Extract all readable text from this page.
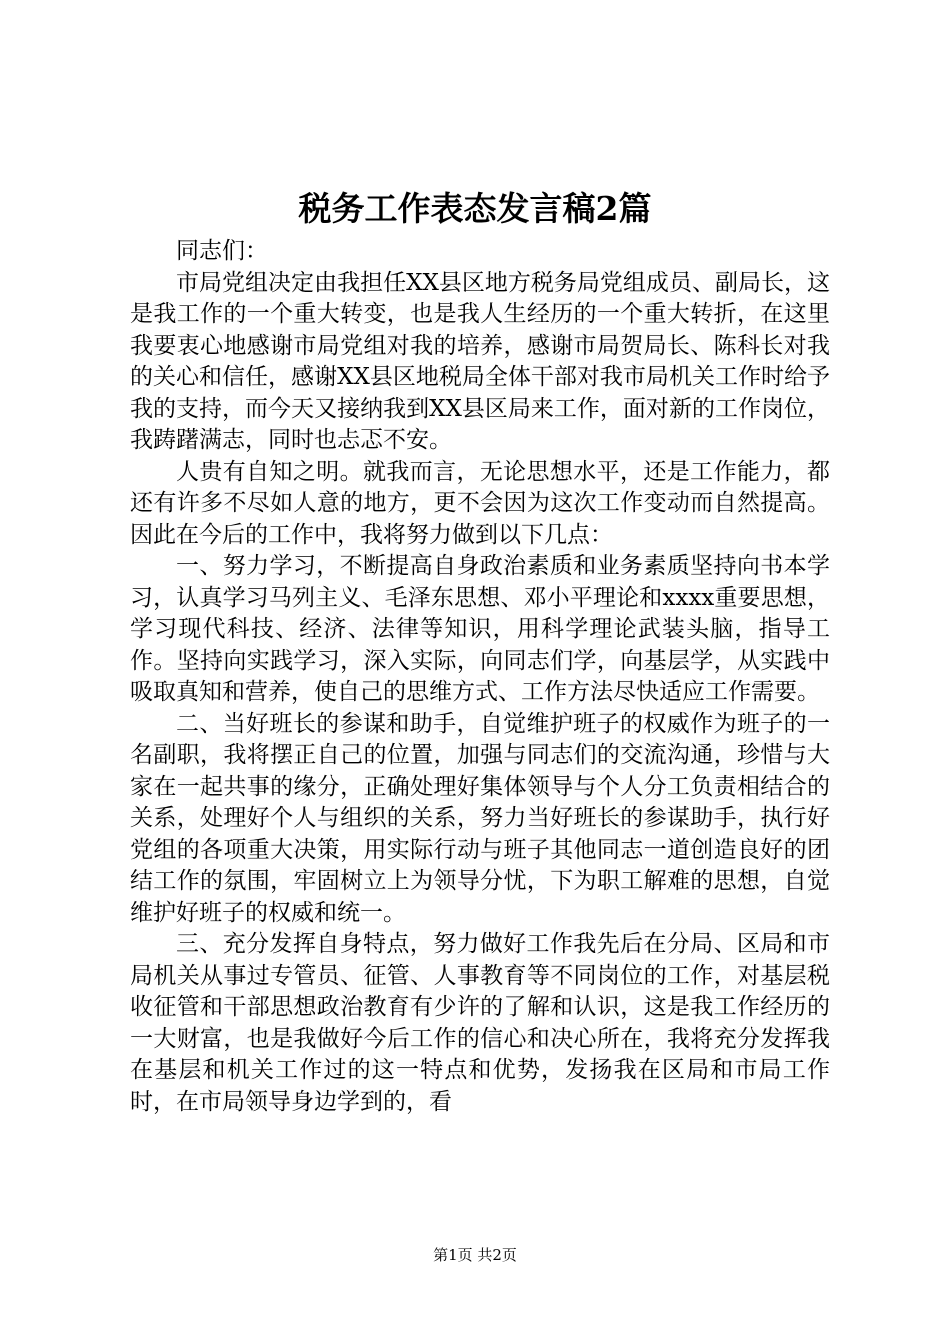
税务工作表态发言稿2篇

同志们：

市局党组决定由我担任XX县区地方税务局党组成员、副局长，这是我工作的一个重大转变，也是我人生经历的一个重大转折，在这里我要衷心地感谢市局党组对我的培养，感谢市局贺局长、陈科长对我的关心和信任，感谢XX县区地税局全体干部对我市局机关工作时给予我的支持，而今天又接纳我到XX县区局来工作，面对新的工作岗位，我踌躇满志，同时也忐忑不安。

人贵有自知之明。就我而言，无论思想水平，还是工作能力，都还有许多不尽如人意的地方，更不会因为这次工作变动而自然提高。因此在今后的工作中，我将努力做到以下几点：

一、努力学习，不断提高自身政治素质和业务素质坚持向书本学习，认真学习马列主义、毛泽东思想、邓小平理论和xxxx重要思想，学习现代科技、经济、法律等知识，用科学理论武装头脑，指导工作。坚持向实践学习，深入实际，向同志们学，向基层学，从实践中吸取真知和营养，使自己的思维方式、工作方法尽快适应工作需要。

二、当好班长的参谋和助手，自觉维护班子的权威作为班子的一名副职，我将摆正自己的位置，加强与同志们的交流沟通，珍惜与大家在一起共事的缘分，正确处理好集体领导与个人分工负责相结合的关系，处理好个人与组织的关系，努力当好班长的参谋助手，执行好党组的各项重大决策，用实际行动与班子其他同志一道创造良好的团结工作的氛围，牢固树立上为领导分忧，下为职工解难的思想，自觉维护好班子的权威和统一。

三、充分发挥自身特点，努力做好工作我先后在分局、区局和市局机关从事过专管员、征管、人事教育等不同岗位的工作，对基层税收征管和干部思想政治教育有少许的了解和认识，这是我工作经历的一大财富，也是我做好今后工作的信心和决心所在，我将充分发挥我在基层和机关工作过的这一特点和优势，发扬我在区局和市局工作时，在市局领导身边学到的，看

第1页 共2页
